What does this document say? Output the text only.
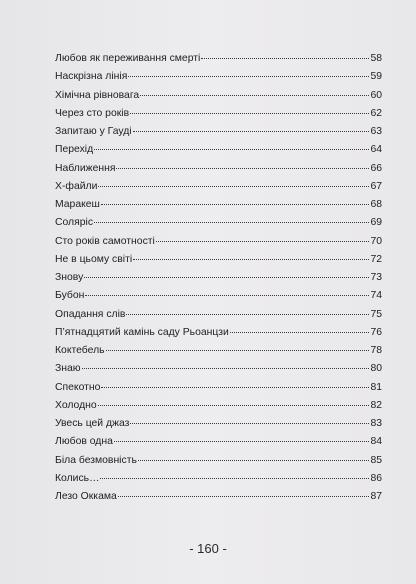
Любов як переживання смерті	58
Наскрізна лінія	59
Хімічна рівновага	60
Через сто років	62
Запитаю у Гауді	63
Перехід	64
Наближення	66
Х-файли	67
Маракеш	68
Соляріс	69
Сто років самотності	70
Не в цьому світі	72
Знову	73
Бубон	74
Опадання слів	75
П’ятнадцятий камінь саду Рьоанцзи	76
Коктебель	78
Знаю	80
Спекотно	81
Холодно	82
Увесь цей джаз	83
Любов одна	84
Біла безмовність	85
Колись…	86
Лезо Оккама	87
- 160 -
